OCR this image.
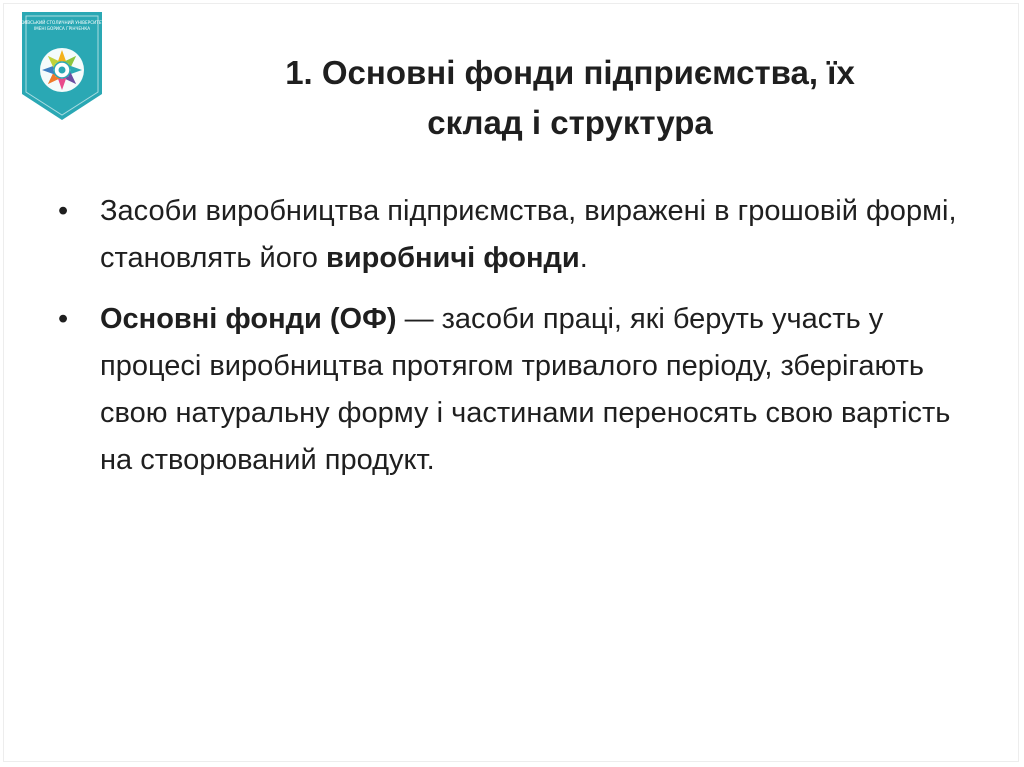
КИЇВСЬКИЙ СТОЛИЧНИЙ УНІВЕРСИТЕТ
ІМЕНІ БОРИСА ГРІНЧЕНКА
1. Основні фонди підприємства, їх
склад і структура
•	Засоби виробництва підприємства, виражені в грошовій формі, становлять його виробничі фонди.
•	Основні фонди (ОФ) — засоби праці, які беруть участь у процесі виробництва протягом тривалого періоду, зберігають свою натуральну форму і частинами переносять свою вартість на створюваний продукт.
